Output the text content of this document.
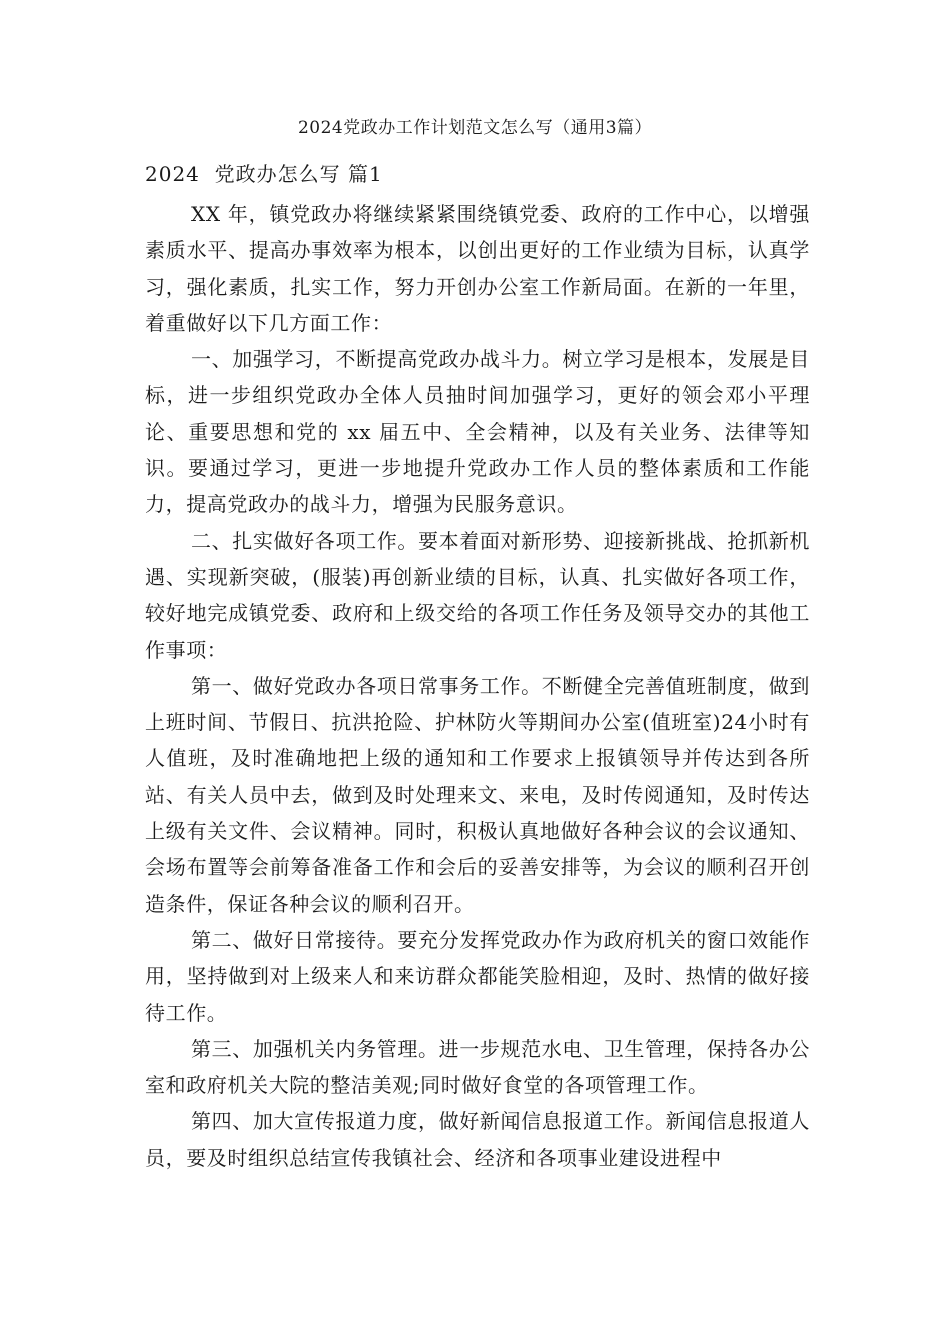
2024党政办工作计划范文怎么写（通用3篇）
2024  党政办怎么写 篇1

XX 年，镇党政办将继续紧紧围绕镇党委、政府的工作中心，以增强素质水平、提高办事效率为根本，以创出更好的工作业绩为目标，认真学习，强化素质，扎实工作，努力开创办公室工作新局面。在新的一年里，着重做好以下几方面工作：

一、加强学习，不断提高党政办战斗力。树立学习是根本，发展是目标，进一步组织党政办全体人员抽时间加强学习，更好的领会邓小平理论、重要思想和党的 xx 届五中、全会精神，以及有关业务、法律等知识。要通过学习，更进一步地提升党政办工作人员的整体素质和工作能力，提高党政办的战斗力，增强为民服务意识。

二、扎实做好各项工作。要本着面对新形势、迎接新挑战、抢抓新机遇、实现新突破，(服装)再创新业绩的目标，认真、扎实做好各项工作，较好地完成镇党委、政府和上级交给的各项工作任务及领导交办的其他工作事项：

第一、做好党政办各项日常事务工作。不断健全完善值班制度，做到上班时间、节假日、抗洪抢险、护林防火等期间办公室(值班室)24小时有人值班，及时准确地把上级的通知和工作要求上报镇领导并传达到各所站、有关人员中去，做到及时处理来文、来电，及时传阅通知，及时传达上级有关文件、会议精神。同时，积极认真地做好各种会议的会议通知、会场布置等会前筹备准备工作和会后的妥善安排等，为会议的顺利召开创造条件，保证各种会议的顺利召开。

第二、做好日常接待。要充分发挥党政办作为政府机关的窗口效能作用，坚持做到对上级来人和来访群众都能笑脸相迎，及时、热情的做好接待工作。

第三、加强机关内务管理。进一步规范水电、卫生管理，保持各办公室和政府机关大院的整洁美观;同时做好食堂的各项管理工作。

第四、加大宣传报道力度，做好新闻信息报道工作。新闻信息报道人员，要及时组织总结宣传我镇社会、经济和各项事业建设进程中
